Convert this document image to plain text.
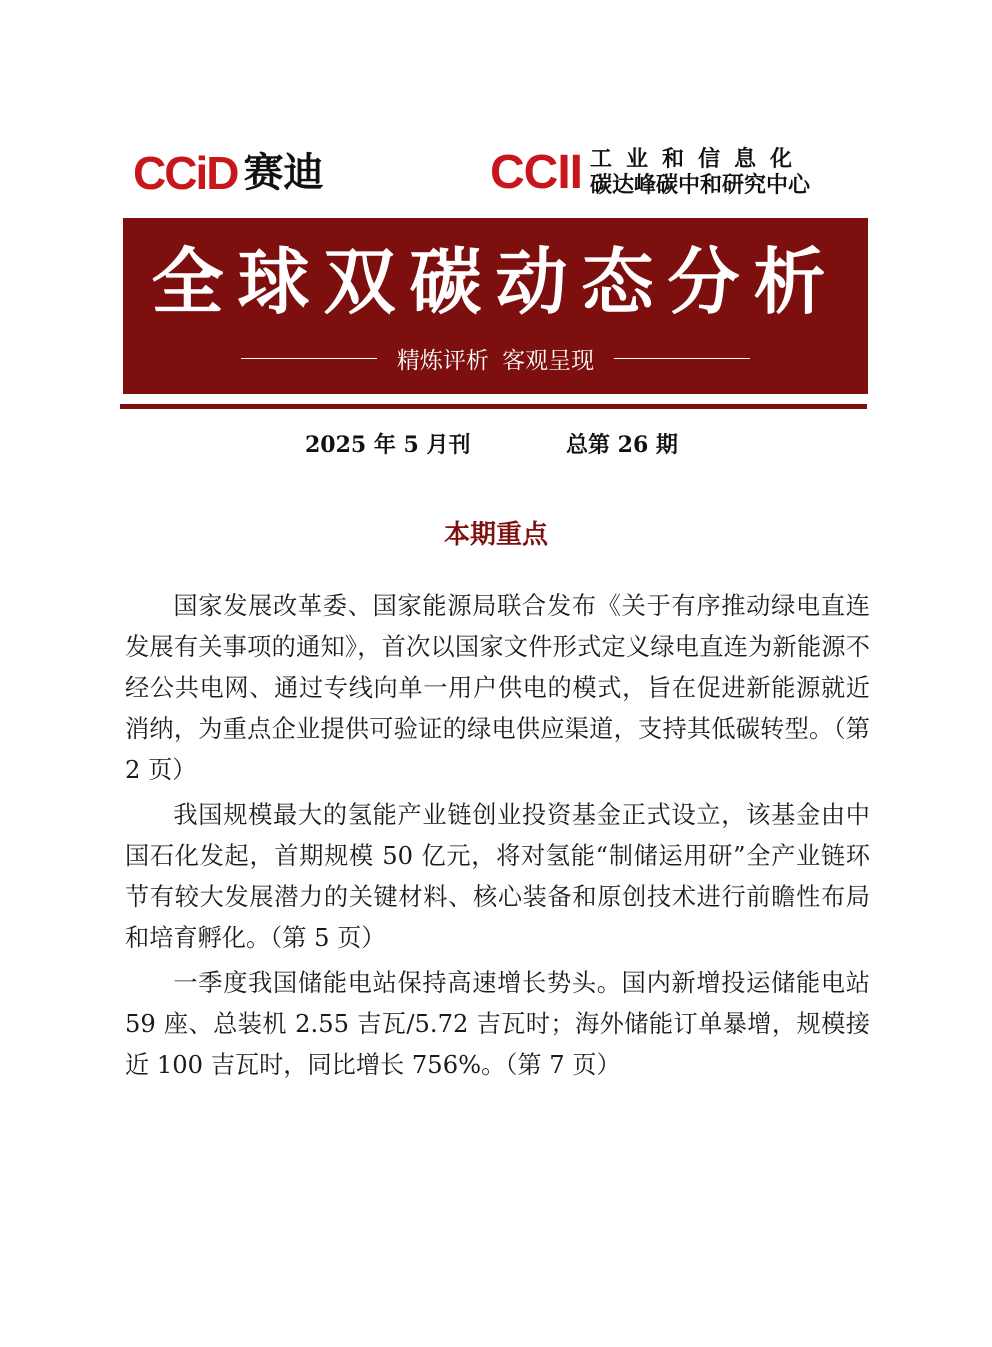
CCiD 赛迪	CCII 工业和信息化
碳达峰碳中和研究中心
全球双碳动态分析
精炼评析 客观呈现
2025 年 5 月刊	总第 26 期
本期重点

国家发展改革委、国家能源局联合发布《关于有序推动绿电直连发展有关事项的通知》，首次以国家文件形式定义绿电直连为新能源不经公共电网、通过专线向单一用户供电的模式，旨在促进新能源就近消纳，为重点企业提供可验证的绿电供应渠道，支持其低碳转型。（第 2 页）

我国规模最大的氢能产业链创业投资基金正式设立，该基金由中国石化发起，首期规模 50 亿元，将对氢能“制储运用研”全产业链环节有较大发展潜力的关键材料、核心装备和原创技术进行前瞻性布局和培育孵化。（第 5 页）

一季度我国储能电站保持高速增长势头。国内新增投运储能电站 59 座、总装机 2.55 吉瓦/5.72 吉瓦时；海外储能订单暴增，规模接近 100 吉瓦时，同比增长 756%。（第 7 页）
